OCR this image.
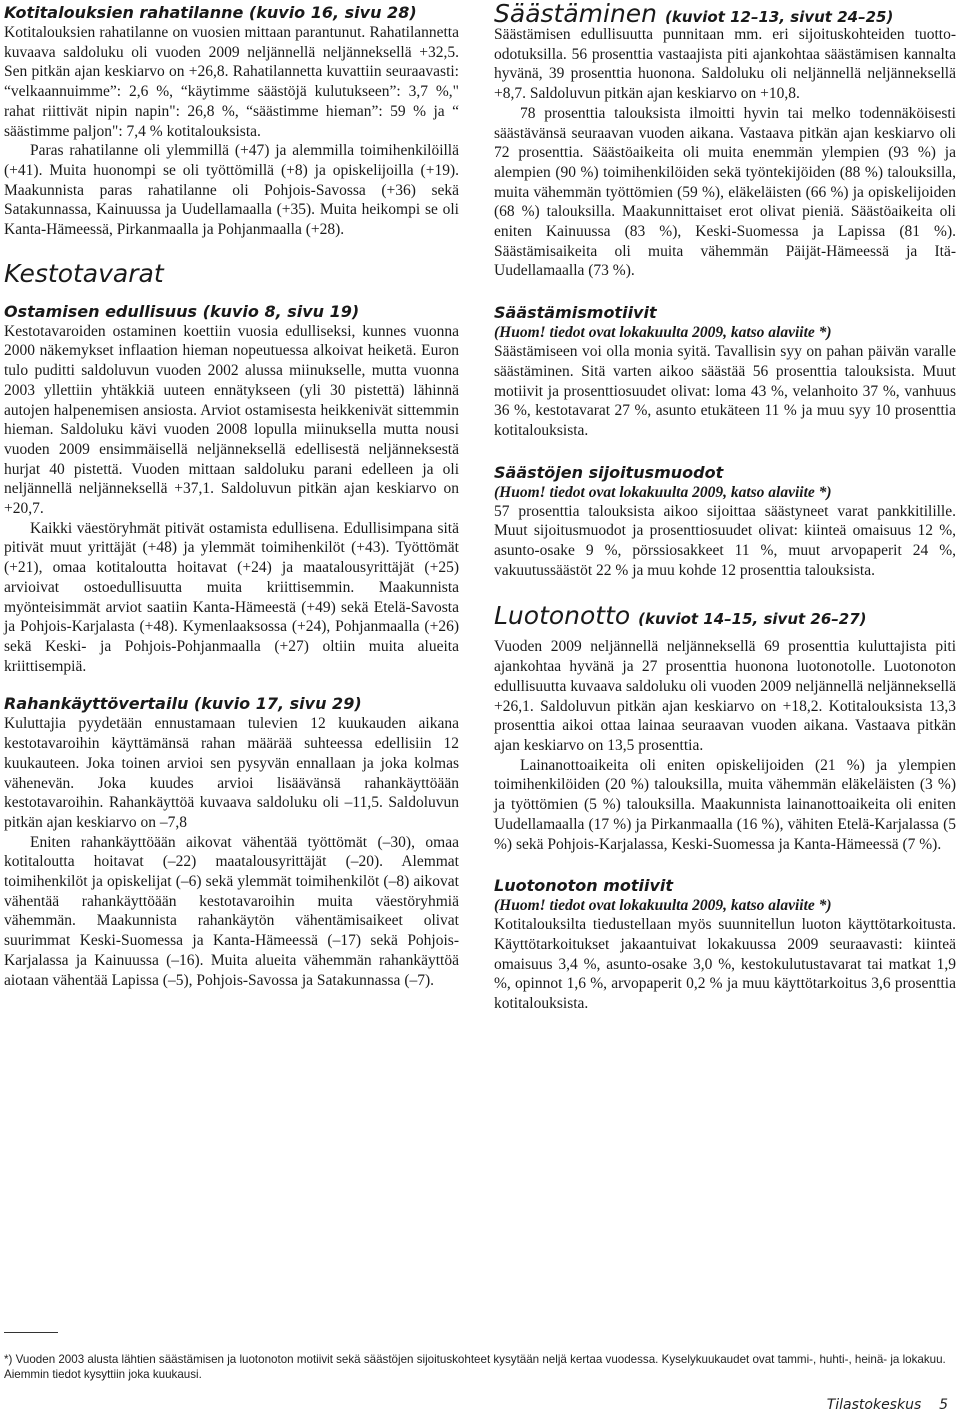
Kotitalouksien rahatilanne (kuvio 16, sivu 28)

Kotitalouksien rahatilanne on vuosien mittaan parantunut. Rahatilannetta kuvaava saldoluku oli vuoden 2009 neljännellä neljänneksellä +32,5. Sen pitkän ajan keskiarvo on +26,8. Rahatilannetta kuvattiin seuraavasti: “velkaannuimme”: 2,6 %, “käytimme säästöjä kulutukseen”: 3,7 %," rahat riittivät nipin napin": 26,8 %, “säästimme hieman”: 59 % ja “ säästimme paljon": 7,4 % kotitalouksista.

Paras rahatilanne oli ylemmillä (+47) ja alemmilla toimihenkilöillä (+41). Muita huonompi se oli työttömillä (+8) ja opiskelijoilla (+19). Maakunnista paras rahatilanne oli Pohjois-Savossa (+36) sekä Satakunnassa, Kainuussa ja Uudellamaalla (+35). Muita heikompi se oli Kanta-Hämeessä, Pirkanmaalla ja Pohjanmaalla (+28).

Kestotavarat
Ostamisen edullisuus (kuvio 8, sivu 19)

Kestotavaroiden ostaminen koettiin vuosia edulliseksi, kunnes vuonna 2000 näkemykset inflaation hieman nopeutuessa alkoivat heiketä. Euron tulo puditti saldoluvun vuoden 2002 alussa miinukselle, mutta vuonna 2003 yllettiin yhtäkkiä uuteen ennätykseen (yli 30 pistettä) lähinnä autojen halpenemisen ansiosta. Arviot ostamisesta heikkenivät sittemmin hieman. Saldoluku kävi vuoden 2008 lopulla miinuksella mutta nousi vuoden 2009 ensimmäisellä neljänneksellä edellisestä neljänneksestä hurjat 40 pistettä. Vuoden mittaan saldoluku parani edelleen ja oli neljännellä neljänneksellä +37,1. Saldoluvun pitkän ajan keskiarvo on +20,7.

Kaikki väestöryhmät pitivät ostamista edullisena. Edullisimpana sitä pitivät muut yrittäjät (+48) ja ylemmät toimihenkilöt (+43). Työttömät (+21), omaa kotitaloutta hoitavat (+24) ja maatalousyrittäjät (+25) arvioivat ostoedullisuutta muita kriittisemmin. Maakunnista myönteisimmät arviot saatiin Kanta-Hämeestä (+49) sekä Etelä-Savosta ja Pohjois-Karjalasta (+48). Kymenlaaksossa (+24), Pohjanmaalla (+26) sekä Keski- ja Pohjois-Pohjanmaalla (+27) oltiin muita alueita kriittisempiä.

Rahankäyttövertailu (kuvio 17, sivu 29)

Kuluttajia pyydetään ennustamaan tulevien 12 kuukauden aikana kestotavaroihin käyttämänsä rahan määrää suhteessa edellisiin 12 kuukauteen. Joka toinen arvioi sen pysyvän ennallaan ja joka kolmas vähenevän. Joka kuudes arvioi lisäävänsä rahankäyttöään kestotavaroihin. Rahankäyttöä kuvaava saldoluku oli –11,5. Saldoluvun pitkän ajan keskiarvo on –7,8

Eniten rahankäyttöään aikovat vähentää työttömät (–30), omaa kotitaloutta hoitavat (–22) maatalousyrittäjät (–20). Alemmat toimihenkilöt ja opiskelijat (–6) sekä ylemmät toimihenkilöt (–8) aikovat vähentää rahankäyttöään kestotavaroihin muita väestöryhmiä vähemmän. Maakunnista rahankäytön vähentämisaikeet olivat suurimmat Keski-Suomessa ja Kanta-Hämeessä (–17) sekä Pohjois-Karjalassa ja Kainuussa (–16). Muita alueita vähemmän rahankäyttöä aiotaan vähentää Lapissa (–5), Pohjois-Savossa ja Satakunnassa (–7).

Säästäminen (kuviot 12–13, sivut 24–25)

Säästämisen edullisuutta punnitaan mm. eri sijoituskohteiden tuotto-odotuksilla. 56 prosenttia vastaajista piti ajankohtaa säästämisen kannalta hyvänä, 39 prosenttia huonona. Saldoluku oli neljännellä neljänneksellä +8,7. Saldoluvun pitkän ajan keskiarvo on +10,8.

78 prosenttia talouksista ilmoitti hyvin tai melko todennäköisesti säästävänsä seuraavan vuoden aikana. Vastaava pitkän ajan keskiarvo oli 72 prosenttia. Säästöaikeita oli muita enemmän ylempien (93 %) ja alempien (90 %) toimihenkilöiden sekä työntekijöiden (88 %) talouksilla, muita vähemmän työttömien (59 %), eläkeläisten (66 %) ja opiskelijoiden (68 %) talouksilla. Maakunnittaiset erot olivat pieniä. Säästöaikeita oli eniten Kainuussa (83 %), Keski-Suomessa ja Lapissa (81 %). Säästämisaikeita oli muita vähemmän Päijät-Hämeessä ja Itä-Uudellamaalla (73 %).

Säästämismotiivit

(Huom! tiedot ovat lokakuulta 2009, katso alaviite *)

Säästämiseen voi olla monia syitä. Tavallisin syy on pahan päivän varalle säästäminen. Sitä varten aikoo säästää 56 prosenttia talouksista. Muut motiivit ja prosenttiosuudet olivat: loma 43 %, velanhoito 37 %, vanhuus 36 %, kestotavarat 27 %, asunto etukäteen 11 % ja muu syy 10 prosenttia kotitalouksista.

Säästöjen sijoitusmuodot

(Huom! tiedot ovat lokakuulta 2009, katso alaviite *)

57 prosenttia talouksista aikoo sijoittaa säästyneet varat pankkitilille. Muut sijoitusmuodot ja prosenttiosuudet olivat: kiinteä omaisuus 12 %, asunto-osake 9 %, pörssiosakkeet 11 %, muut arvopaperit 24 %, vakuutussäästöt 22 % ja muu kohde 12 prosenttia talouksista.

Luotonotto (kuviot 14–15, sivut 26–27)

Vuoden 2009 neljännellä neljänneksellä 69 prosenttia kuluttajista piti ajankohtaa hyvänä ja 27 prosenttia huonona luotonotolle. Luotonoton edullisuutta kuvaava saldoluku oli vuoden 2009 neljännellä neljänneksellä +26,1. Saldoluvun pitkän ajan keskiarvo on +18,2. Kotitalouksista 13,3 prosenttia aikoi ottaa lainaa seuraavan vuoden aikana. Vastaava pitkän ajan keskiarvo on 13,5 prosenttia.

Lainanottoaikeita oli eniten opiskelijoiden (21 %) ja ylempien toimihenkilöiden (20 %) talouksilla, muita vähemmän eläkeläisten (3 %) ja työttömien (5 %) talouksilla. Maakunnista lainanottoaikeita oli eniten Uudellamaalla (17 %) ja Pirkanmaalla (16 %), vähiten Etelä-Karjalassa (5 %) sekä Pohjois-Karjalassa, Keski-Suomessa ja Kanta-Hämeessä (7 %).

Luotonoton motiivit

(Huom! tiedot ovat lokakuulta 2009, katso alaviite *)

Kotitalouksilta tiedustellaan myös suunnitellun luoton käyttötarkoitusta. Käyttötarkoitukset jakaantuivat lokakuussa 2009 seuraavasti: kiinteä omaisuus 3,4 %, asunto-osake 3,0 %, kestokulutustavarat tai matkat 1,9 %, opinnot 1,6 %, arvopaperit 0,2 % ja muu käyttötarkoitus 3,6 prosenttia kotitalouksista.

*) Vuoden 2003 alusta lähtien säästämisen ja luotonoton motiivit sekä säästöjen sijoituskohteet kysytään neljä kertaa vuodessa. Kyselykuukaudet ovat tammi-, huhti-, heinä- ja lokakuu. Aiemmin tiedot kysyttiin joka kuukausi.

Tilastokeskus 5
